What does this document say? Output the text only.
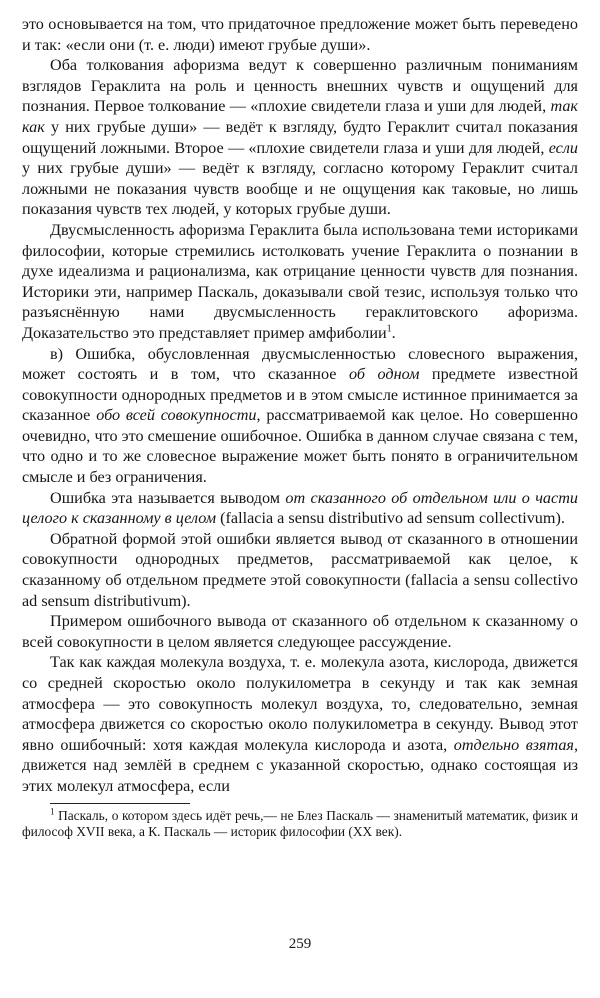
это основывается на том, что придаточное предложение может быть переведено и так: «если они (т. е. люди) имеют грубые души».

Оба толкования афоризма ведут к совершенно различным пониманиям взглядов Гераклита на роль и ценность внешних чувств и ощущений для познания. Первое толкование — «плохие свидетели глаза и уши для людей, так как у них грубые души» — ведёт к взгляду, будто Гераклит считал показания ощущений ложными. Второе — «плохие свидетели глаза и уши для людей, если у них грубые души» — ведёт к взгляду, согласно которому Гераклит считал ложными не показания чувств вообще и не ощущения как таковые, но лишь показания чувств тех людей, у которых грубые души.

Двусмысленность афоризма Гераклита была использована теми историками философии, которые стремились истолковать учение Гераклита о познании в духе идеализма и рационализма, как отрицание ценности чувств для познания. Историки эти, например Паскаль, доказывали свой тезис, используя только что разъяснённую нами двусмысленность гераклитовского афоризма. Доказательство это представляет пример амфиболии$^1$.

в) Ошибка, обусловленная двусмысленностью словесного выражения, может состоять и в том, что сказанное об одном предмете известной совокупности однородных предметов и в этом смысле истинное принимается за сказанное обо всей совокупности, рассматриваемой как целое. Но совершенно очевидно, что это смешение ошибочное. Ошибка в данном случае связана с тем, что одно и то же словесное выражение может быть понято в ограничительном смысле и без ограничения.

Ошибка эта называется выводом от сказанного об отдельном или о части целого к сказанному в целом (fallacia a sensu distributivo ad sensum collectivum).

Обратной формой этой ошибки является вывод от сказанного в отношении совокупности однородных предметов, рассматриваемой как целое, к сказанному об отдельном предмете этой совокупности (fallacia a sensu collectivo ad sensum distributivum).

Примером ошибочного вывода от сказанного об отдельном к сказанному о всей совокупности в целом является следующее рассуждение.

Так как каждая молекула воздуха, т. е. молекула азота, кислорода, движется со средней скоростью около полукилометра в секунду и так как земная атмосфера — это совокупность молекул воздуха, то, следовательно, земная атмосфера движется со скоростью около полукилометра в секунду. Вывод этот явно ошибочный: хотя каждая молекула кислорода и азота, отдельно взятая, движется над землёй в среднем с указанной скоростью, однако состоящая из этих молекул атмосфера, если

$^1$ Паскаль, о котором здесь идёт речь,— не Блез Паскаль — знаменитый математик, физик и философ XVII века, а К. Паскаль — историк философии (XX век).

259
